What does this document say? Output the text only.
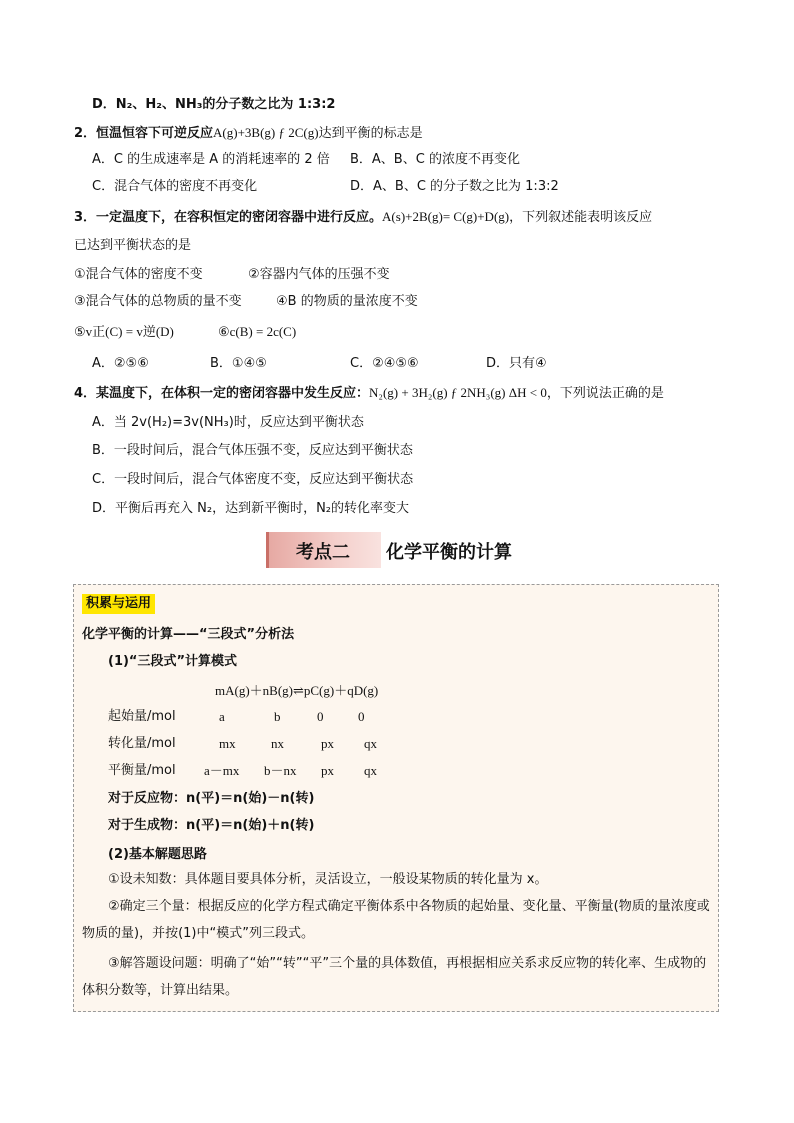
D．N₂、H₂、NH₃的分子数之比为 1:3:2
2．恒温恒容下可逆反应A(g)+3B(g) ƒ 2C(g)达到平衡的标志是
A．C 的生成速率是 A 的消耗速率的 2 倍 B．A、B、C 的浓度不再变化
C．混合气体的密度不再变化	D．A、B、C 的分子数之比为 1:3:2
3．一定温度下，在容积恒定的密闭容器中进行反应。A(s)+2B(g)= C(g)+D(g)，下列叙述能表明该反应
已达到平衡状态的是
①混合气体的密度不变	②容器内气体的压强不变
③混合气体的总物质的量不变	④B 的物质的量浓度不变
⑤v正(C) = v逆(D)	⑥c(B) = 2c(C)
A．②⑤⑥	B．①④⑤	C．②④⑤⑥	D．只有④
4．某温度下，在体积一定的密闭容器中发生反应：N₂(g) + 3H₂(g) ƒ 2NH₃(g) ΔH < 0，下列说法正确的是
A．当 2v(H₂)=3v(NH₃)时，反应达到平衡状态
B．一段时间后，混合气体压强不变，反应达到平衡状态
C．一段时间后，混合气体密度不变，反应达到平衡状态
D．平衡后再充入 N₂，达到新平衡时，N₂的转化率变大
考点二 化学平衡的计算
积累与运用
化学平衡的计算——“三段式”分析法
(1)“三段式”计算模式
mA(g)＋nB(g)⇌pC(g)＋qD(g)
起始量/mol	a	b	0	0
转化量/mol	mx	nx	px qx
平衡量/mol a－mx b－nx px qx
对于反应物：n(平)＝n(始)－n(转)
对于生成物：n(平)＝n(始)＋n(转)
(2)基本解题思路
①设未知数：具体题目要具体分析，灵活设立，一般设某物质的转化量为 x。
②确定三个量：根据反应的化学方程式确定平衡体系中各物质的起始量、变化量、平衡量(物质的量浓度或物质的量)，并按(1)中“模式”列三段式。
③解答题设问题：明确了“始”“转”“平”三个量的具体数值，再根据相应关系求反应物的转化率、生成物的体积分数等，计算出结果。
